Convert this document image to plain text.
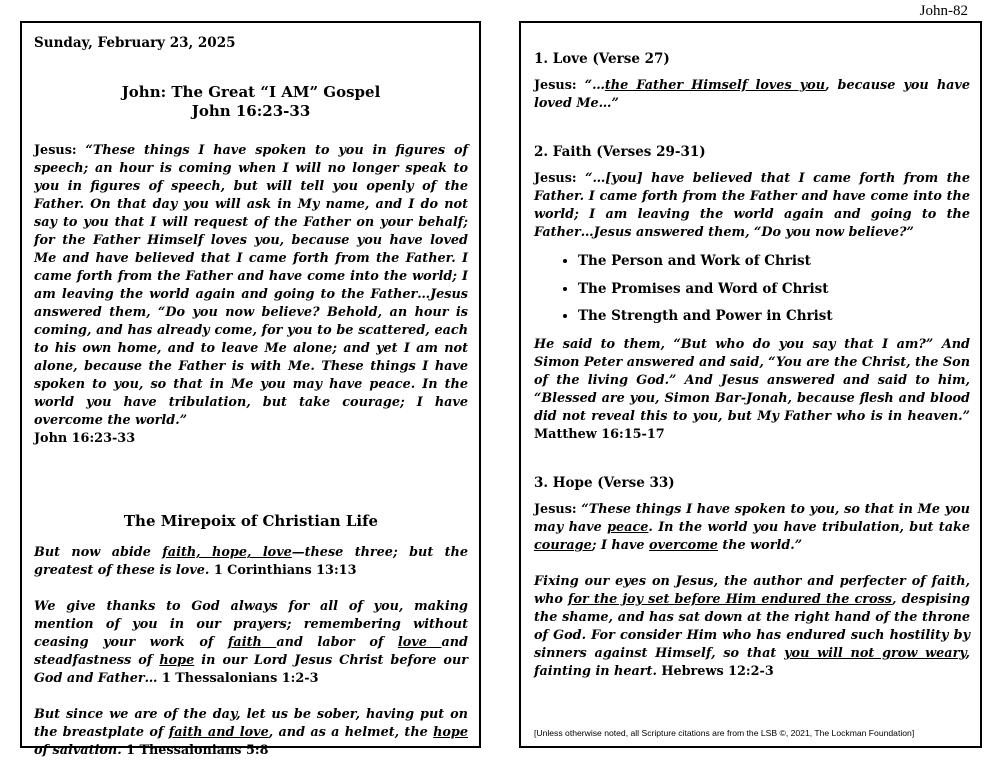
John-82

Sunday, February 23, 2025

John: The Great “I AM” Gospel

John 16:23-33

Jesus: “These things I have spoken to you in figures of speech; an hour is coming when I will no longer speak to you in figures of speech, but will tell you openly of the Father. On that day you will ask in My name, and I do not say to you that I will request of the Father on your behalf; for the Father Himself loves you, because you have loved Me and have believed that I came forth from the Father. I came forth from the Father and have come into the world; I am leaving the world again and going to the Father…Jesus answered them, “Do you now believe? Behold, an hour is coming, and has already come, for you to be scattered, each to his own home, and to leave Me alone; and yet I am not alone, because the Father is with Me. These things I have spoken to you, so that in Me you may have peace. In the world you have tribulation, but take courage; I have overcome the world.”
John 16:23-33

The Mirepoix of Christian Life

But now abide faith, hope, love—these three; but the greatest of these is love. 1 Corinthians 13:13

We give thanks to God always for all of you, making mention of you in our prayers; remembering without ceasing your work of faith and labor of love and steadfastness of hope in our Lord Jesus Christ before our God and Father… 1 Thessalonians 1:2-3

But since we are of the day, let us be sober, having put on the breastplate of faith and love, and as a helmet, the hope of salvation. 1 Thessalonians 5:8

1. Love (Verse 27)

Jesus: “…the Father Himself loves you, because you have loved Me…”

2. Faith (Verses 29-31)

Jesus: “…[you] have believed that I came forth from the Father. I came forth from the Father and have come into the world; I am leaving the world again and going to the Father…Jesus answered them, “Do you now believe?”

• The Person and Work of Christ
• The Promises and Word of Christ
• The Strength and Power in Christ

He said to them, “But who do you say that I am?” And Simon Peter answered and said, “You are the Christ, the Son of the living God.” And Jesus answered and said to him, “Blessed are you, Simon Bar-Jonah, because flesh and blood did not reveal this to you, but My Father who is in heaven.” Matthew 16:15-17

3. Hope (Verse 33)

Jesus: “These things I have spoken to you, so that in Me you may have peace. In the world you have tribulation, but take courage; I have overcome the world.”

Fixing our eyes on Jesus, the author and perfecter of faith, who for the joy set before Him endured the cross, despising the shame, and has sat down at the right hand of the throne of God. For consider Him who has endured such hostility by sinners against Himself, so that you will not grow weary, fainting in heart. Hebrews 12:2-3

[Unless otherwise noted, all Scripture citations are from the LSB ©, 2021, The Lockman Foundation]
